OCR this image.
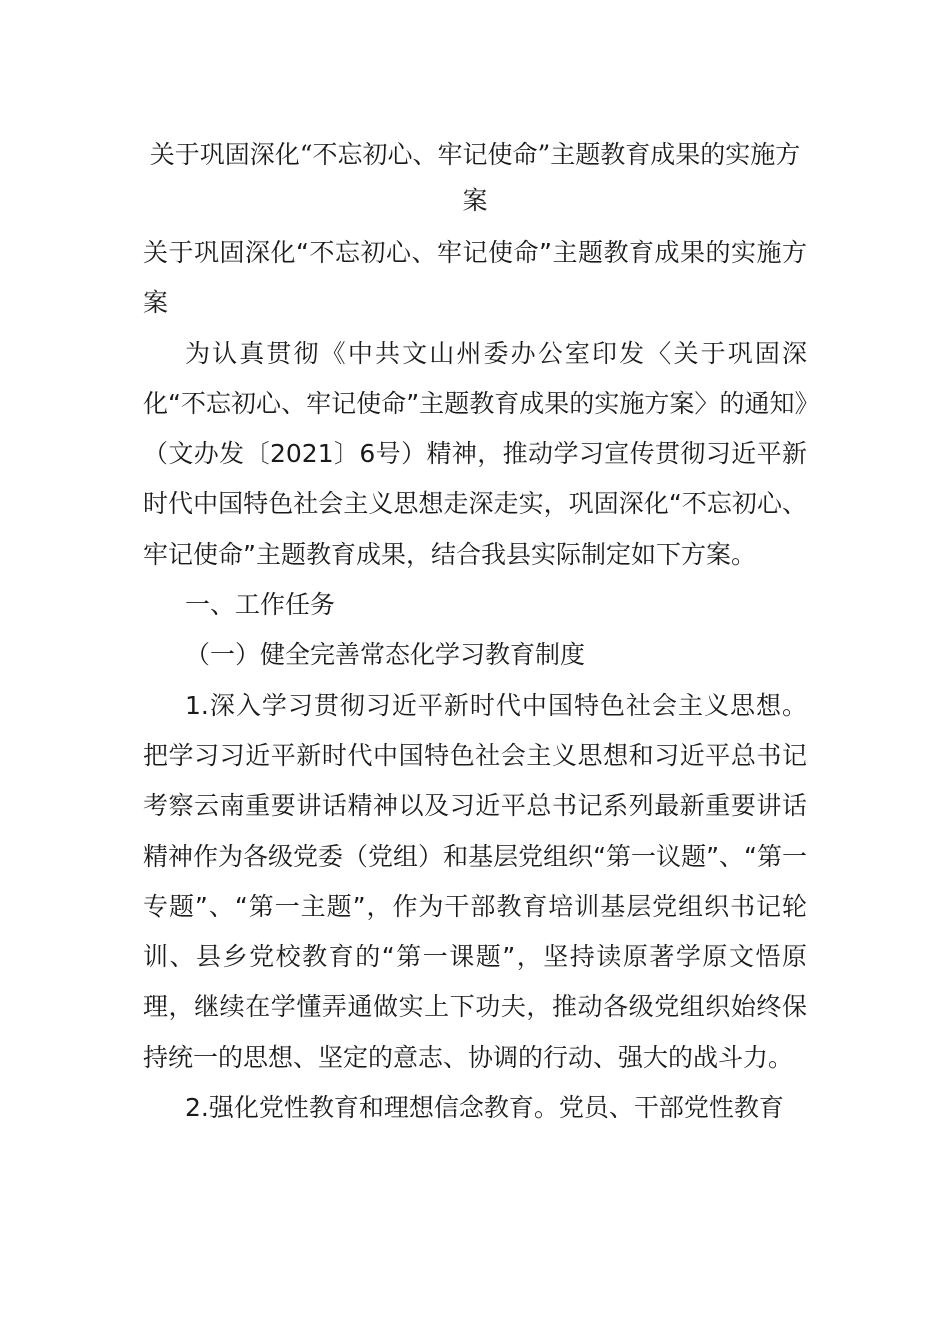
关于巩固深化“不忘初心、牢记使命”主题教育成果的实施方案

关于巩固深化“不忘初心、牢记使命”主题教育成果的实施方案

为认真贯彻《中共文山州委办公室印发〈关于巩固深化“不忘初心、牢记使命”主题教育成果的实施方案〉的通知》（文办发〔2021〕6号）精神，推动学习宣传贯彻习近平新时代中国特色社会主义思想走深走实，巩固深化“不忘初心、牢记使命”主题教育成果，结合我县实际制定如下方案。

一、工作任务

（一）健全完善常态化学习教育制度

1.深入学习贯彻习近平新时代中国特色社会主义思想。把学习习近平新时代中国特色社会主义思想和习近平总书记考察云南重要讲话精神以及习近平总书记系列最新重要讲话精神作为各级党委（党组）和基层党组织“第一议题”、“第一专题”、“第一主题”，作为干部教育培训基层党组织书记轮训、县乡党校教育的“第一课题”，坚持读原著学原文悟原理，继续在学懂弄通做实上下功夫，推动各级党组织始终保持统一的思想、坚定的意志、协调的行动、强大的战斗力。

2.强化党性教育和理想信念教育。党员、干部党性教育
